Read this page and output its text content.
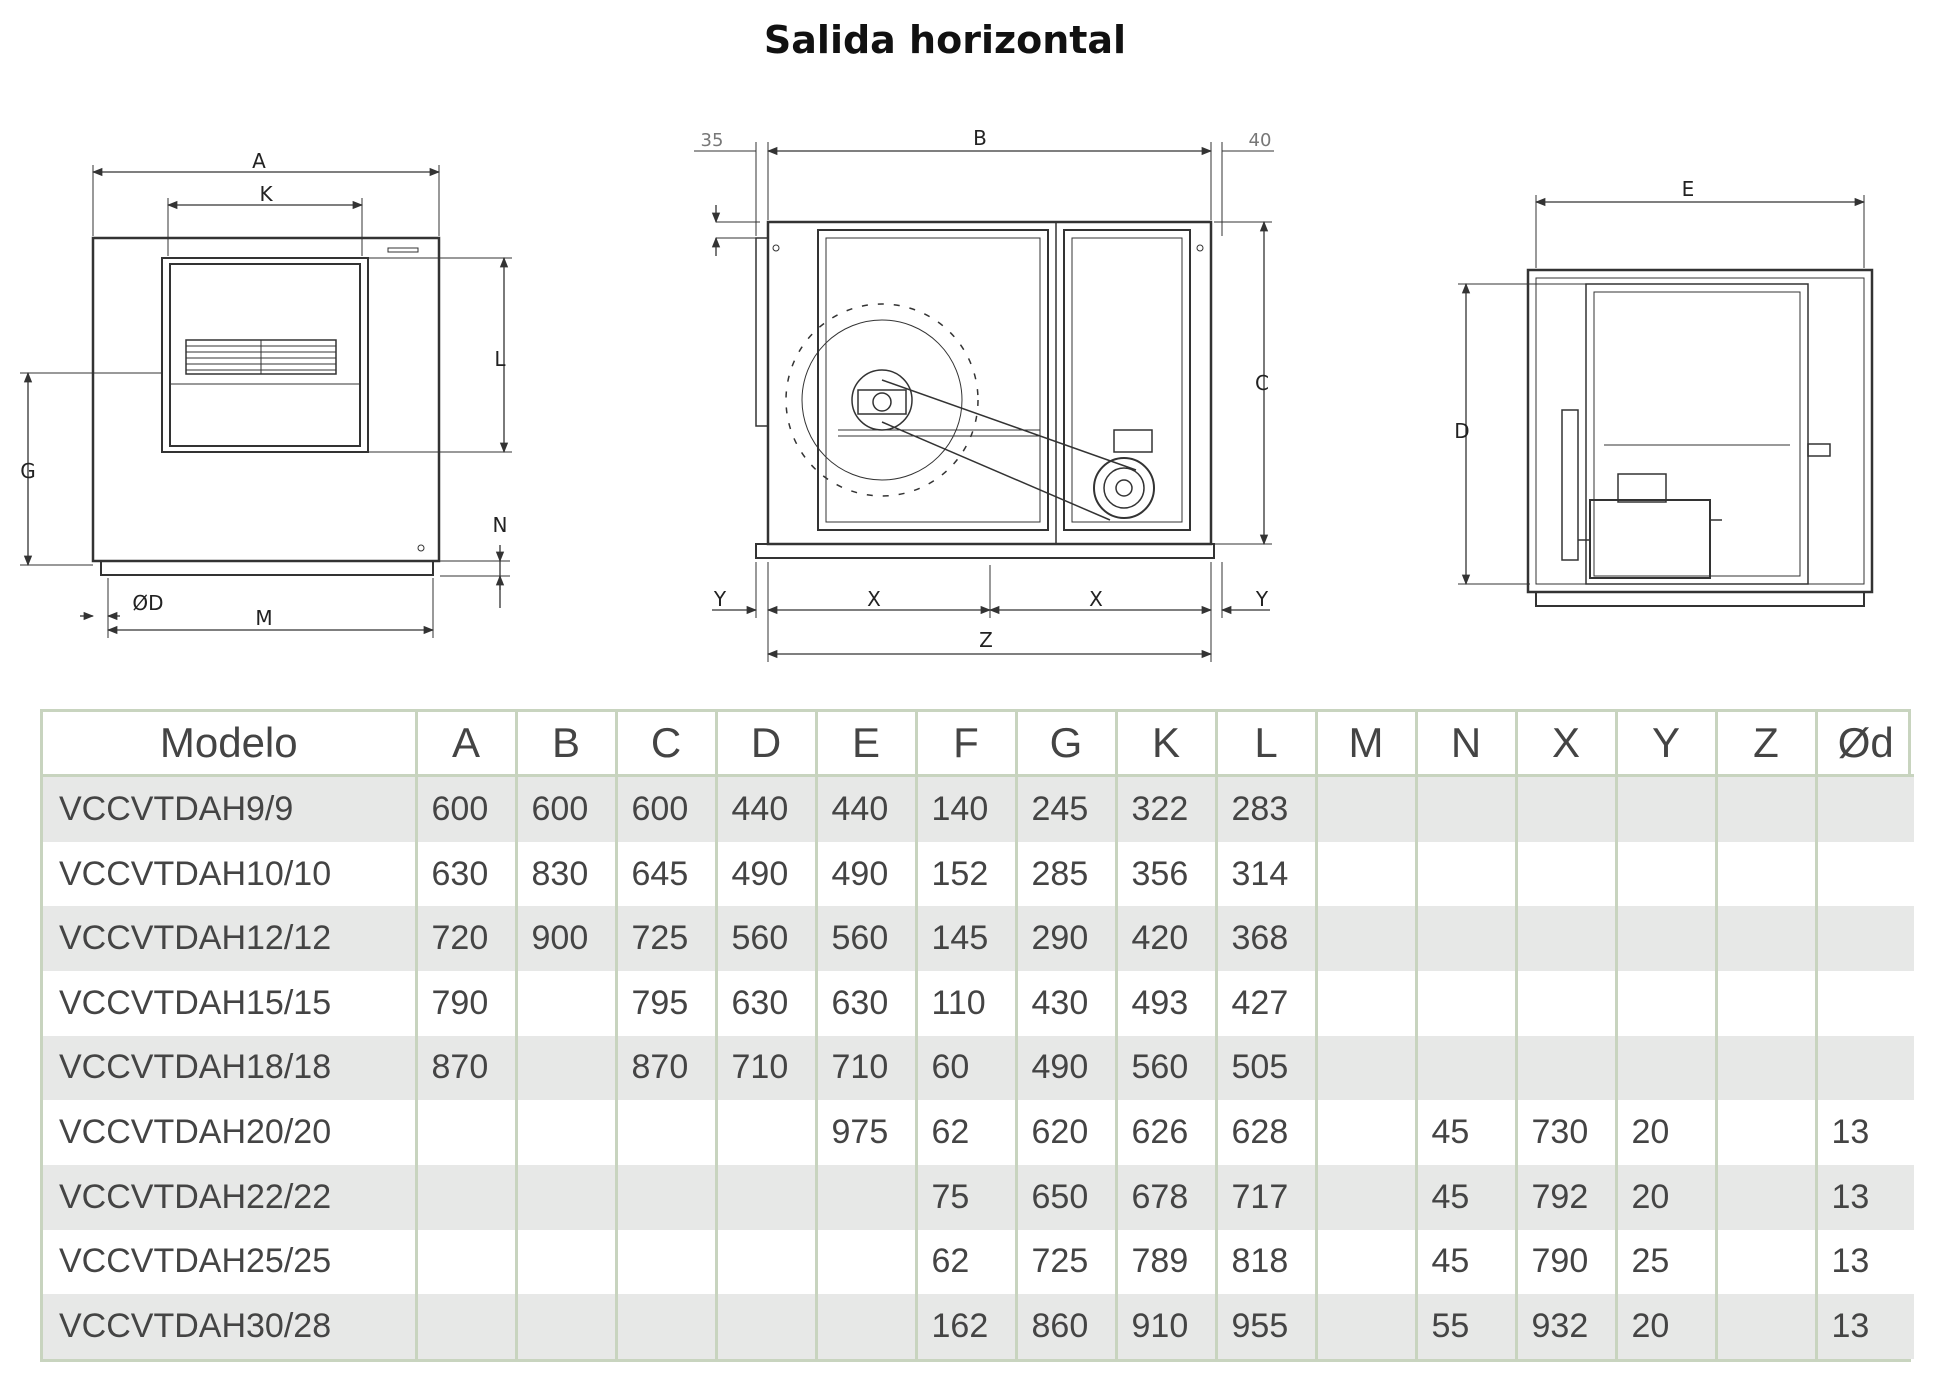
Salida horizontal
A
K
L
G
N
ØD
M
35	B	40
C
Y	X	X	Y
Z
E
D
Modelo	A	B	C	D	E	F	G	K	L	M	N	X	Y	Z	Ød
VCCVTDAH9/9	600	600	600	440	440	140	245	322	283						
VCCVTDAH10/10	630	830	645	490	490	152	285	356	314						
VCCVTDAH12/12	720	900	725	560	560	145	290	420	368						
VCCVTDAH15/15	790		795	630	630	110	430	493	427						
VCCVTDAH18/18	870		870	710	710	60	490	560	505						
VCCVTDAH20/20					975	62	620	626	628		45	730	20		13
VCCVTDAH22/22						75	650	678	717		45	792	20		13
VCCVTDAH25/25						62	725	789	818		45	790	25		13
VCCVTDAH30/28						162	860	910	955		55	932	20		13
